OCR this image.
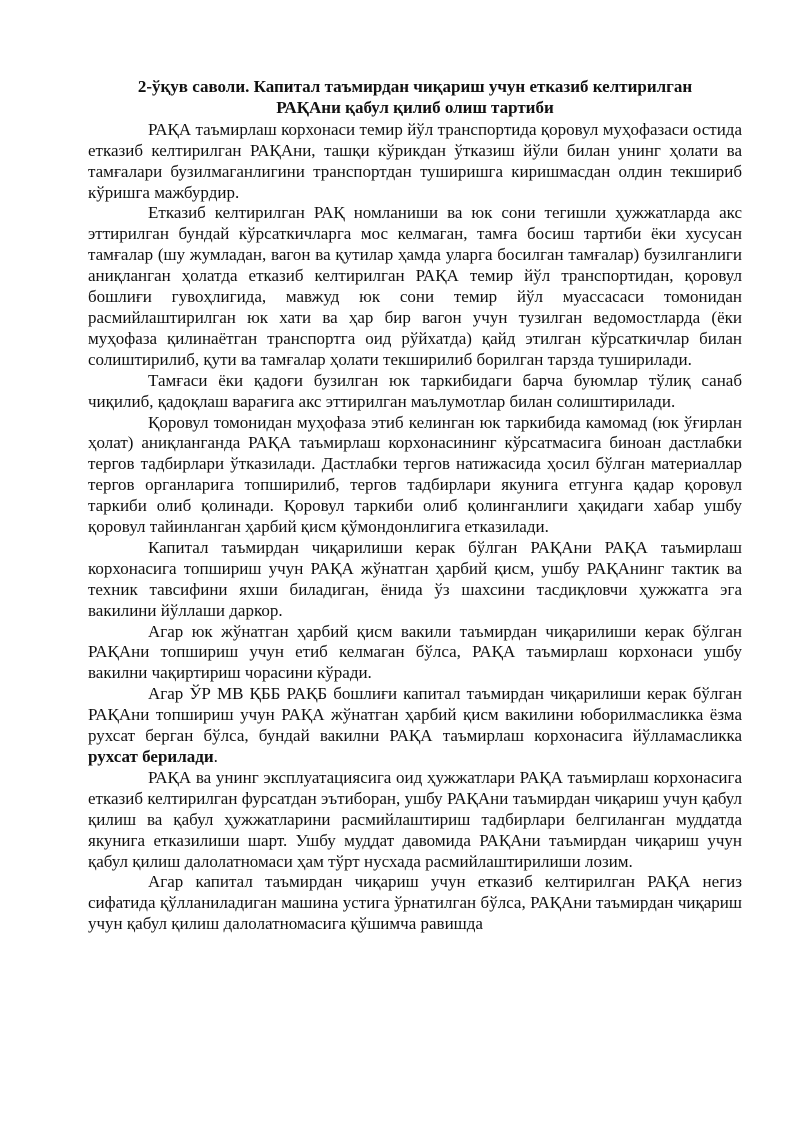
2-ўқув саволи. Капитал таъмирдан чиқариш учун етказиб келтирилган
РАҚАни қабул қилиб олиш тартиби

РАҚА таъмирлаш корхонаси темир йўл транспортида қоровул муҳофазаси остида етказиб келтирилган РАҚАни, ташқи кўрикдан ўтказиш йўли билан унинг ҳолати ва тамғалари бузилмаганлигини транспортдан туширишга киришмасдан олдин текшириб кўришга мажбурдир.

Етказиб келтирилган РАҚ номланиши ва юк сони тегишли ҳужжатларда акс эттирилган бундай кўрсаткичларга мос келмаган, тамға босиш тартиби ёки хусусан тамғалар (шу жумладан, вагон ва қутилар ҳамда уларга босилган тамғалар) бузилганлиги аниқланган ҳолатда етказиб келтирилган РАҚА темир йўл транспортидан, қоровул бошлиғи гувоҳлигида, мавжуд юк сони темир йўл муассасаси томонидан расмийлаштирилган юк хати ва ҳар бир вагон учун тузилган ведомостларда (ёки муҳофаза қилинаётган транспортга оид рўйхатда) қайд этилган кўрсаткичлар билан солиштирилиб, қути ва тамғалар ҳолати текширилиб борилган тарзда туширилади.

Тамғаси ёки қадоғи бузилган юк таркибидаги барча буюмлар тўлиқ санаб чиқилиб, қадоқлаш варағига акс эттирилган маълумотлар билан солиштирилади.

Қоровул томонидан муҳофаза этиб келинган юк таркибида камомад (юк ўғирлан ҳолат) аниқланганда РАҚА таъмирлаш корхонасининг кўрсатмасига биноан дастлабки тергов тадбирлари ўтказилади. Дастлабки тергов натижасида ҳосил бўлган материаллар тергов органларига топширилиб, тергов тадбирлари якунига етгунга қадар қоровул таркиби олиб қолинади. Қоровул таркиби олиб қолинганлиги ҳақидаги хабар ушбу қоровул тайинланган ҳарбий қисм қўмондонлигига етказилади.

Капитал таъмирдан чиқарилиши керак бўлган РАҚАни РАҚА таъмирлаш корхонасига топшириш учун РАҚА жўнатган ҳарбий қисм, ушбу РАҚАнинг тактик ва техник тавсифини яхши биладиган, ёнида ўз шахсини тасдиқловчи ҳужжатга эга вакилини йўллаши даркор.

Агар юк жўнатган ҳарбий қисм вакили таъмирдан чиқарилиши керак бўлган РАҚАни топшириш учун етиб келмаган бўлса, РАҚА таъмирлаш корхонаси ушбу вакилни чақиртириш чорасини кўради.

Агар ЎР МВ ҚББ РАҚБ бошлиғи капитал таъмирдан чиқарилиши керак бўлган РАҚАни топшириш учун РАҚА жўнатган ҳарбий қисм вакилини юборилмасликка ёзма рухсат берган бўлса, бундай вакилни РАҚА таъмирлаш корхонасига йўлламасликка рухсат берилади.

РАҚА ва унинг эксплуатациясига оид ҳужжатлари РАҚА таъмирлаш корхонасига етказиб келтирилган фурсатдан эътиборан, ушбу РАҚАни таъмирдан чиқариш учун қабул қилиш ва қабул ҳужжатларини расмийлаштириш тадбирлари белгиланган муддатда якунига етказилиши шарт. Ушбу муддат давомида РАҚАни таъмирдан чиқариш учун қабул қилиш далолатномаси ҳам тўрт нусхада расмийлаштирилиши лозим.

Агар капитал таъмирдан чиқариш учун етказиб келтирилган РАҚА негиз сифатида қўлланиладиган машина устига ўрнатилган бўлса, РАҚАни таъмирдан чиқариш учун қабул қилиш далолатномасига қўшимча равишда
